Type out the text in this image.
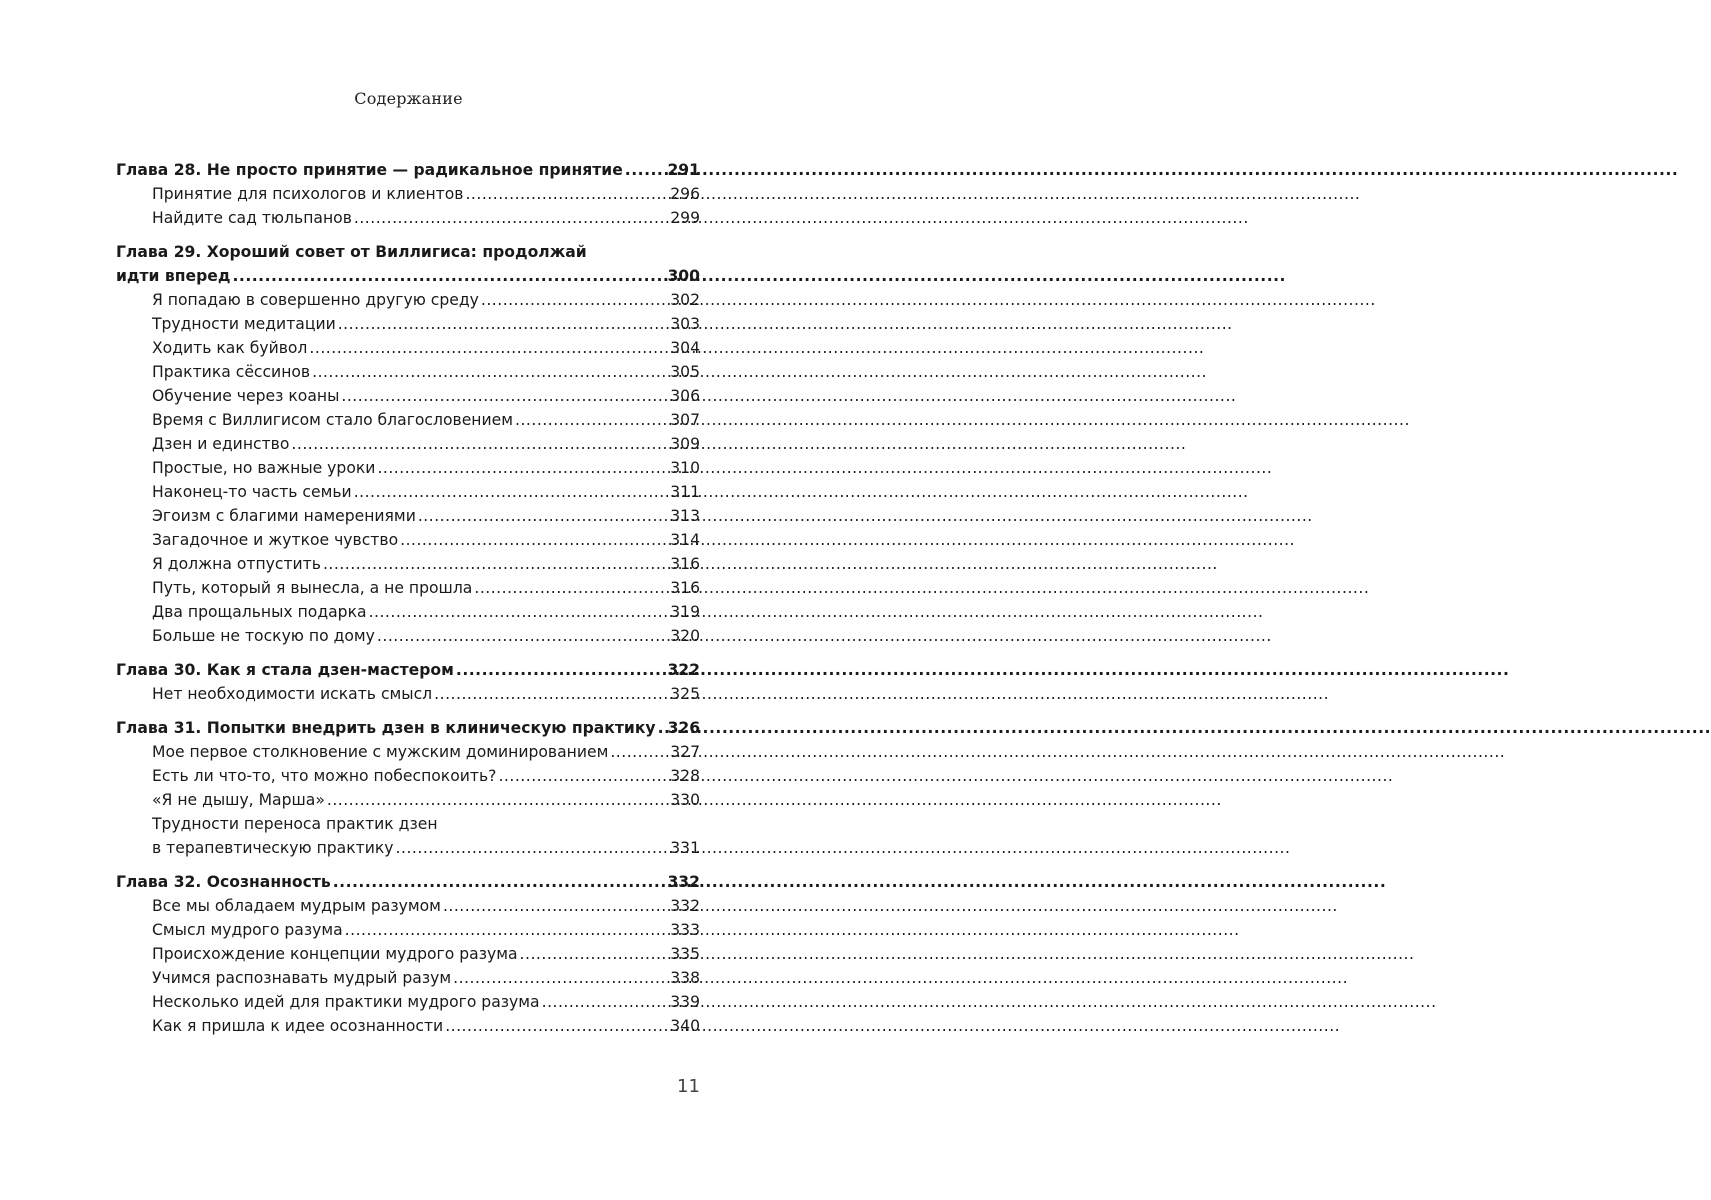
Содержание
Глава 28. Не просто принятие — радикальное принятие .....	291
Принятие для психологов и клиентов .....	296
Найдите сад тюльпанов .....	299
Глава 29. Хороший совет от Виллигиса: продолжай
идти вперед .....	300
Я попадаю в совершенно другую среду .....	302
Трудности медитации .....	303
Ходить как буйвол .....	304
Практика сёссинов .....	305
Обучение через коаны .....	306
Время с Виллигисом стало благословением .....	307
Дзен и единство .....	309
Простые, но важные уроки .....	310
Наконец-то часть семьи .....	311
Эгоизм с благими намерениями .....	313
Загадочное и жуткое чувство .....	314
Я должна отпустить .....	316
Путь, который я вынесла, а не прошла .....	316
Два прощальных подарка .....	319
Больше не тоскую по дому .....	320
Глава 30. Как я стала дзен-мастером .....	322
Нет необходимости искать смысл .....	325
Глава 31. Попытки внедрить дзен в клиническую практику ..... 326
Мое первое столкновение с мужским доминированием .....	327
Есть ли что-то, что можно побеспокоить? .....	328
«Я не дышу, Марша» .....	330
Трудности переноса практик дзен
в терапевтическую практику .....	331
Глава 32. Осознанность .....	332
Все мы обладаем мудрым разумом .....	332
Смысл мудрого разума .....	333
Происхождение концепции мудрого разума .....	335
Учимся распознавать мудрый разум .....	338
Несколько идей для практики мудрого разума .....	339
Как я пришла к идее осознанности .....	340
11
